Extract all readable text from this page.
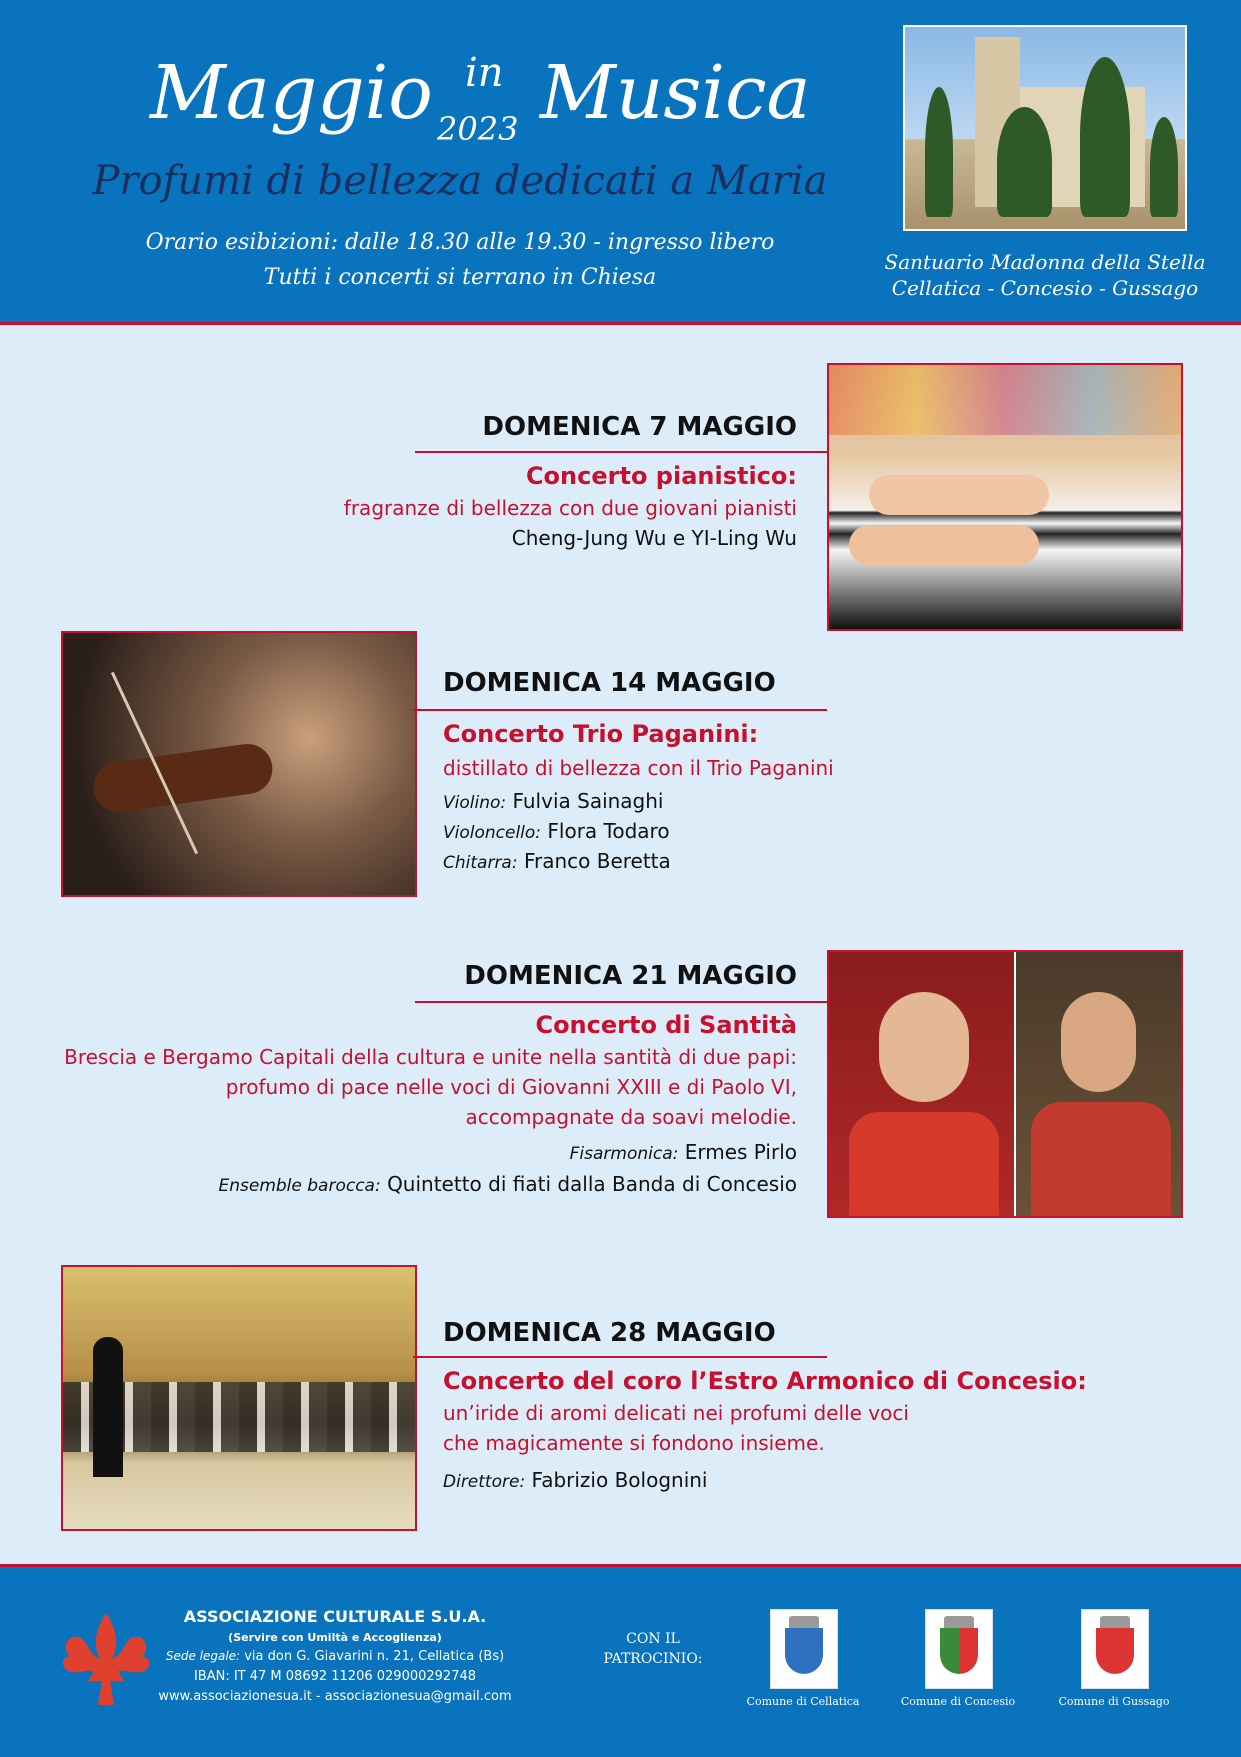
Maggio in
2023 Musica
Profumi di bellezza dedicati a Maria
Orario esibizioni: dalle 18.30 alle 19.30 - ingresso libero
Tutti i concerti si terrano in Chiesa
Santuario Madonna della Stella
Cellatica - Concesio - Gussago
DOMENICA 7 MAGGIO
Concerto pianistico:
fragranze di bellezza con due giovani pianisti
Cheng-Jung Wu e YI-Ling Wu
DOMENICA 14 MAGGIO
Concerto Trio Paganini:
distillato di bellezza con il Trio Paganini
Violino: Fulvia Sainaghi
Violoncello: Flora Todaro
Chitarra: Franco Beretta
DOMENICA 21 MAGGIO
Concerto di Santità
Brescia e Bergamo Capitali della cultura e unite nella santità di due papi:
profumo di pace nelle voci di Giovanni XXIII e di Paolo VI,
accompagnate da soavi melodie.
Fisarmonica: Ermes Pirlo
Ensemble barocca: Quintetto di fiati dalla Banda di Concesio
DOMENICA 28 MAGGIO
Concerto del coro l’Estro Armonico di Concesio:
un’iride di aromi delicati nei profumi delle voci
che magicamente si fondono insieme.
Direttore: Fabrizio Bolognini
ASSOCIAZIONE CULTURALE S.U.A.
(Servire con Umiltà e Accoglienza)
Sede legale: via don G. Giavarini n. 21, Cellatica (Bs)
IBAN: IT 47 M 08692 11206 029000292748
www.associazionesua.it - associazionesua@gmail.com
CON IL
PATROCINIO:
Comune di Cellatica	Comune di Concesio	Comune di Gussago
